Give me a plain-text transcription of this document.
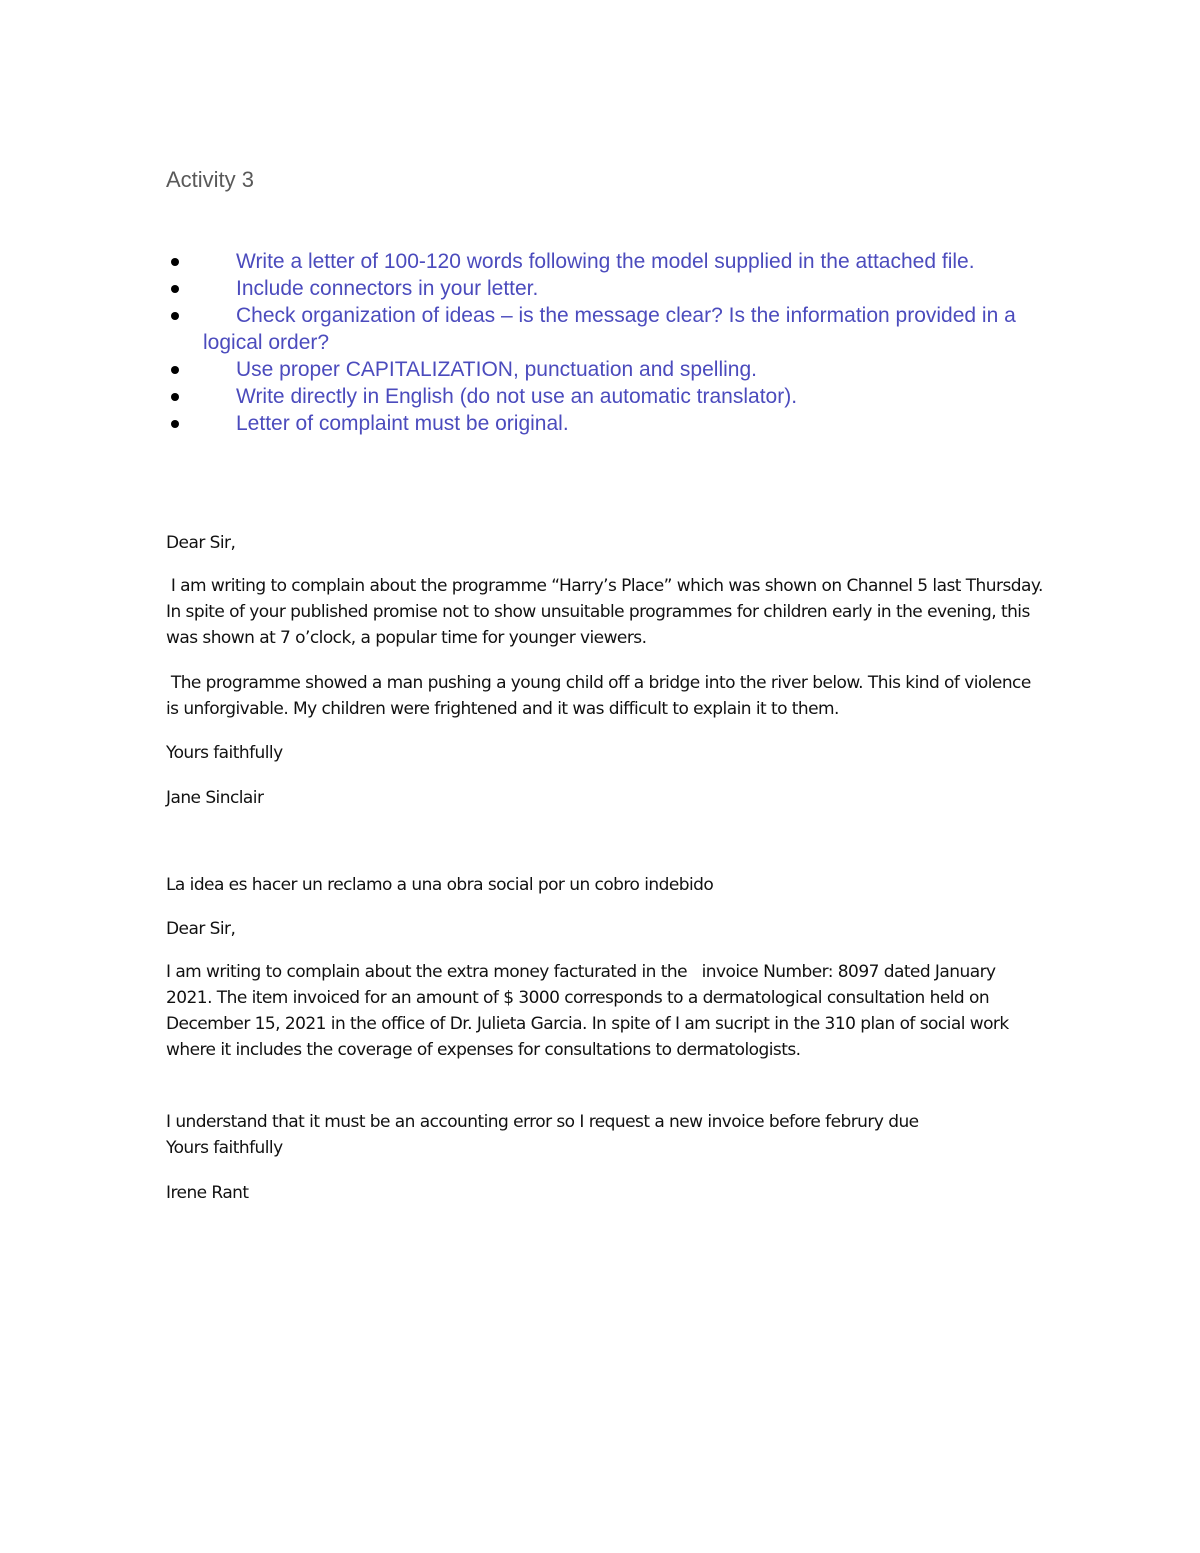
Activity 3
Write a letter of 100-120 words following the model supplied in the attached file.
Include connectors in your letter.
Check organization of ideas – is the message clear? Is the information provided in a logical order?
Use proper CAPITALIZATION, punctuation and spelling.
Write directly in English (do not use an automatic translator).
Letter of complaint must be original.
Dear Sir,
I am writing to complain about the programme “Harry’s Place” which was shown on Channel 5 last Thursday. In spite of your published promise not to show unsuitable programmes for children early in the evening, this was shown at 7 o’clock, a popular time for younger viewers.
The programme showed a man pushing a young child off a bridge into the river below. This kind of violence is unforgivable. My children were frightened and it was difficult to explain it to them.
Yours faithfully
Jane Sinclair
La idea es hacer un reclamo a una obra social por un cobro indebido
Dear Sir,
I am writing to complain about the extra money facturated in the   invoice Number: 8097 dated January 2021. The item invoiced for an amount of $ 3000 corresponds to a dermatological consultation held on December 15, 2021 in the office of Dr. Julieta Garcia. In spite of I am sucript in the 310 plan of social work where it includes the coverage of expenses for consultations to dermatologists.
I understand that it must be an accounting error so I request a new invoice before februry due
Yours faithfully
Irene Rant
